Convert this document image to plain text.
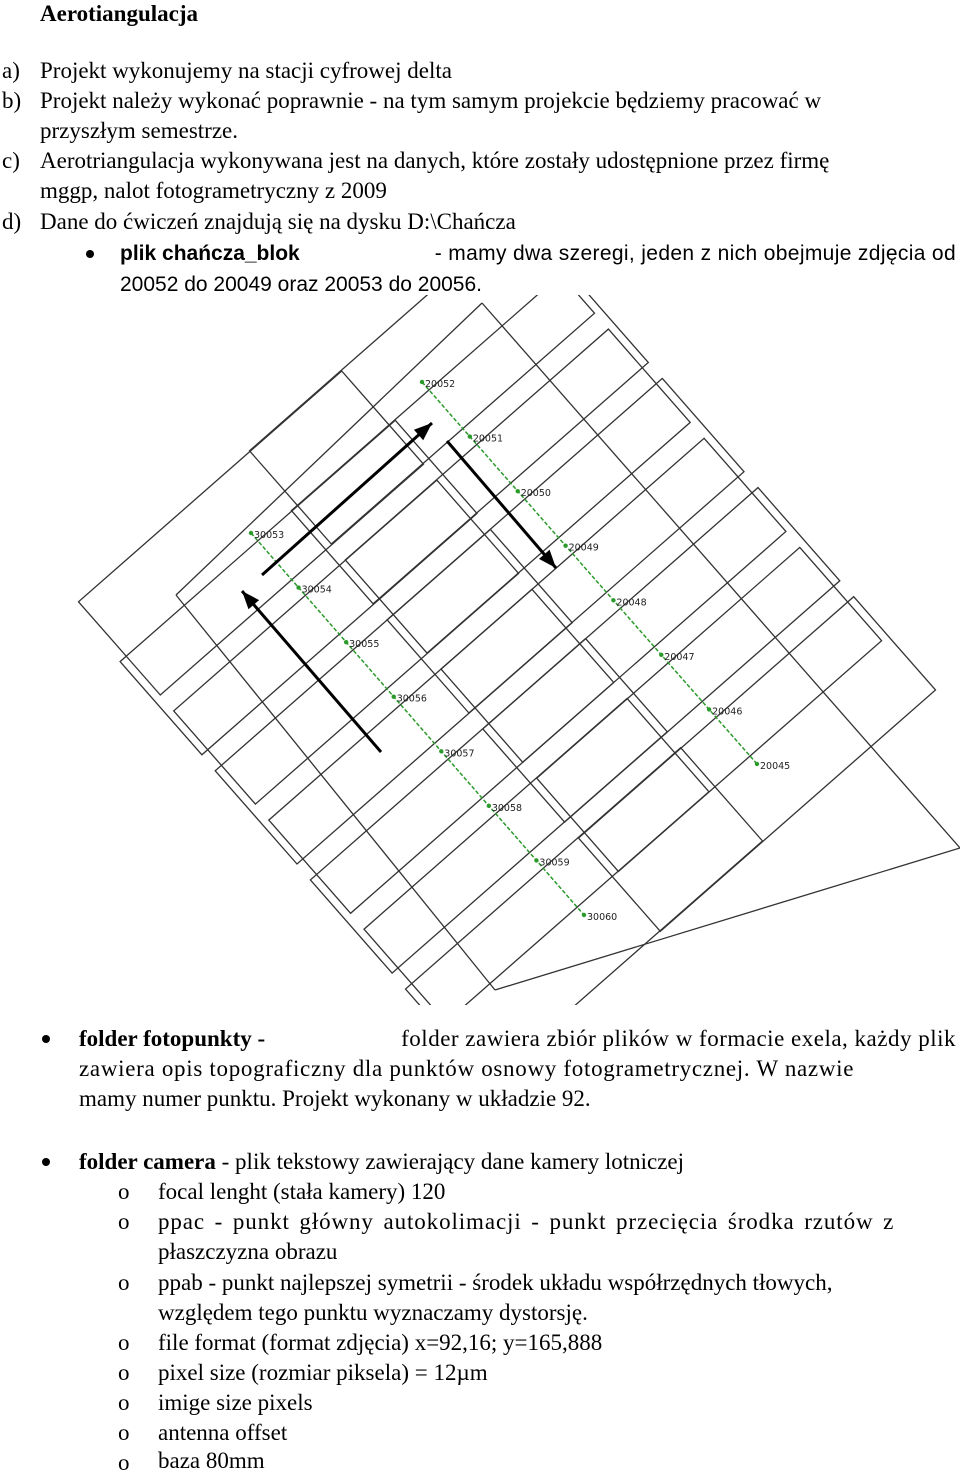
Aerotiangulacja
a) Projekt wykonujemy na stacji cyfrowej delta
b) Projekt należy wykonać poprawnie - na tym samym projekcie będziemy pracować w
przyszłym semestrze.
c) Aerotriangulacja wykonywana jest na danych, które zostały udostępnione przez firmę
mggp, nalot fotogrametryczny z 2009
d) Dane do ćwiczeń znajdują się na dysku D:\Chańcza
plik chańcza_blok	- mamy dwa szeregi, jeden z nich obejmuje zdjęcia od
20052 do 20049 oraz 20053 do 20056.
20052
20051
20050
20049
20048
20047
20046
20045
30053
30054
30055
30056
30057
30058
30059
30060
folder fotopunkty -	folder zawiera zbiór plików w formacie exela, każdy plik
zawiera opis topograficzny dla punktów osnowy fotogrametrycznej. W nazwie
mamy numer punktu. Projekt wykonany w układzie 92.
folder camera - plik tekstowy zawierający dane kamery lotniczej
o focal lenght (stała kamery) 120
o ppac - punkt główny autokolimacji - punkt przecięcia środka rzutów z
płaszczyzna obrazu
o ppab - punkt najlepszej symetrii - środek układu współrzędnych tłowych,
względem tego punktu wyznaczamy dystorsję.
o file format (format zdjęcia) x=92,16; y=165,888
o pixel size (rozmiar piksela) = 12µm
o imige size pixels
o antenna offset
o baza 80mm
